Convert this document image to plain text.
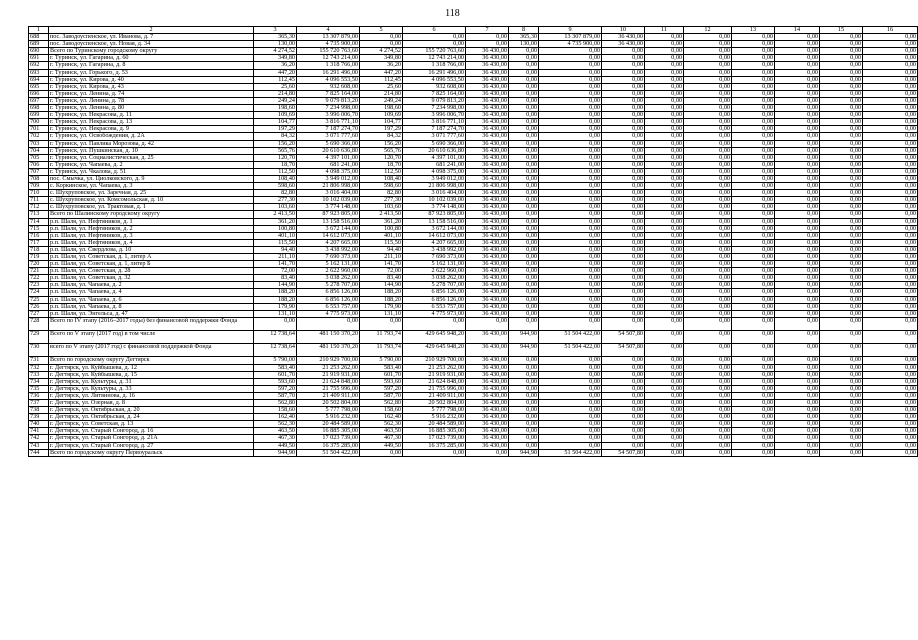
118
1	2	3	4	5	6	7	8	9	10	11	12	13	14	15	16
688	пос. Заводоуспенское, ул. Иванова, д. 7	365,30	13 307 879,00	0,00	0,00	0,00	365,30	13 307 879,00	36 430,00	0,00	0,00	0,00	0,00	0,00	0,00
689	пос. Заводоуспенское, ул. Новая, д. 34	130,00	4 735 900,00	0,00	0,00	0,00	130,00	4 735 900,00	36 430,00	0,00	0,00	0,00	0,00	0,00	0,00
690	Всего по Туринскому городскому округу	4 274,52	155 720 763,60	4 274,52	155 720 763,60	36 430,00	0,00	0,00	0,00	0,00	0,00	0,00	0,00	0,00	0,00
691	г. Туринск, ул. Гагарина, д. 60	349,80	12 743 214,00	349,80	12 743 214,00	36 430,00	0,00	0,00	0,00	0,00	0,00	0,00	0,00	0,00	0,00
692	г. Туринск, ул. Гагарина, д. 8	36,20	1 318 766,00	36,20	1 318 766,00	36 430,00	0,00	0,00	0,00	0,00	0,00	0,00	0,00	0,00	0,00
693	г. Туринск, ул. Горького, д. 53	447,20	16 291 496,00	447,20	16 291 496,00	36 430,00	0,00	0,00	0,00	0,00	0,00	0,00	0,00	0,00	0,00
694	г. Туринск, ул. Кирова, д. 40	112,45	4 096 553,50	112,45	4 096 553,50	36 430,00	0,00	0,00	0,00	0,00	0,00	0,00	0,00	0,00	0,00
695	г. Туринск, ул. Кирова, д. 43	25,60	932 608,00	25,60	932 608,00	36 430,00	0,00	0,00	0,00	0,00	0,00	0,00	0,00	0,00	0,00
696	г. Туринск, ул. Ленина, д. 74	214,80	7 825 164,00	214,80	7 825 164,00	36 430,00	0,00	0,00	0,00	0,00	0,00	0,00	0,00	0,00	0,00
697	г. Туринск, ул. Ленина, д. 78	249,24	9 079 813,20	249,24	9 079 813,20	36 430,00	0,00	0,00	0,00	0,00	0,00	0,00	0,00	0,00	0,00
698	г. Туринск, ул. Ленина, д. 80	198,60	7 234 998,00	198,60	7 234 998,00	36 430,00	0,00	0,00	0,00	0,00	0,00	0,00	0,00	0,00	0,00
699	г. Туринск, ул. Некрасова, д. 11	109,69	3 996 006,70	109,69	3 996 006,70	36 430,00	0,00	0,00	0,00	0,00	0,00	0,00	0,00	0,00	0,00
700	г. Туринск, ул. Некрасова, д. 13	104,77	3 816 771,10	104,77	3 816 771,10	36 430,00	0,00	0,00	0,00	0,00	0,00	0,00	0,00	0,00	0,00
701	г. Туринск, ул. Некрасова, д. 9	197,29	7 187 274,70	197,29	7 187 274,70	36 430,00	0,00	0,00	0,00	0,00	0,00	0,00	0,00	0,00	0,00
702	г. Туринск, ул. Освобождения, д. 2А	84,32	3 071 777,60	84,32	3 071 777,60	36 430,00	0,00	0,00	0,00	0,00	0,00	0,00	0,00	0,00	0,00
703	г. Туринск, ул. Павлика Морозова, д. 42	156,20	5 690 366,00	156,20	5 690 366,00	36 430,00	0,00	0,00	0,00	0,00	0,00	0,00	0,00	0,00	0,00
704	г. Туринск, ул. Пушкинская, д. 10	565,76	20 610 636,80	565,76	20 610 636,80	36 430,00	0,00	0,00	0,00	0,00	0,00	0,00	0,00	0,00	0,00
705	г. Туринск, ул. Социалистическая, д. 25	120,70	4 397 101,00	120,70	4 397 101,00	36 430,00	0,00	0,00	0,00	0,00	0,00	0,00	0,00	0,00	0,00
706	г. Туринск, ул. Чапаева, д. 2	18,70	681 241,00	18,70	681 241,00	36 430,00	0,00	0,00	0,00	0,00	0,00	0,00	0,00	0,00	0,00
707	г. Туринск, ул. Чкалова, д. 51	112,50	4 098 375,00	112,50	4 098 375,00	36 430,00	0,00	0,00	0,00	0,00	0,00	0,00	0,00	0,00	0,00
708	пос. Смычка, ул. Циолковского, д. 9	108,40	3 949 012,00	108,40	3 949 012,00	36 430,00	0,00	0,00	0,00	0,00	0,00	0,00	0,00	0,00	0,00
709	с. Коркинское, ул. Чапаева, д. 3	598,60	21 806 998,00	598,60	21 806 998,00	36 430,00	0,00	0,00	0,00	0,00	0,00	0,00	0,00	0,00	0,00
710	с. Шухруповское, ул. Заречная, д. 25	82,80	3 016 404,00	82,80	3 016 404,00	36 430,00	0,00	0,00	0,00	0,00	0,00	0,00	0,00	0,00	0,00
711	с. Шухруповское, ул. Комсомольская, д. 10	277,30	10 102 039,00	277,30	10 102 039,00	36 430,00	0,00	0,00	0,00	0,00	0,00	0,00	0,00	0,00	0,00
712	с. Шухруповское, ул. Трактовая, д. 1	103,60	3 774 148,00	103,60	3 774 148,00	36 430,00	0,00	0,00	0,00	0,00	0,00	0,00	0,00	0,00	0,00
713	Всего по Шалинскому городскому округу	2 413,50	87 923 805,00	2 413,50	87 923 805,00	36 430,00	0,00	0,00	0,00	0,00	0,00	0,00	0,00	0,00	0,00
714	р.п. Шаля, ул. Нефтяников, д. 1	361,20	13 158 516,00	361,20	13 158 516,00	36 430,00	0,00	0,00	0,00	0,00	0,00	0,00	0,00	0,00	0,00
715	р.п. Шаля, ул. Нефтяников, д. 2	100,80	3 672 144,00	100,80	3 672 144,00	36 430,00	0,00	0,00	0,00	0,00	0,00	0,00	0,00	0,00	0,00
716	р.п. Шаля, ул. Нефтяников, д. 3	401,10	14 612 073,00	401,10	14 612 073,00	36 430,00	0,00	0,00	0,00	0,00	0,00	0,00	0,00	0,00	0,00
717	р.п. Шаля, ул. Нефтяников, д. 4	115,50	4 207 665,00	115,50	4 207 665,00	36 430,00	0,00	0,00	0,00	0,00	0,00	0,00	0,00	0,00	0,00
718	р.п. Шаля, ул. Свердлова, д. 10	94,40	3 438 992,00	94,40	3 438 992,00	36 430,00	0,00	0,00	0,00	0,00	0,00	0,00	0,00	0,00	0,00
719	р.п. Шаля, ул. Советская, д. 1, литер А	211,10	7 690 373,00	211,10	7 690 373,00	36 430,00	0,00	0,00	0,00	0,00	0,00	0,00	0,00	0,00	0,00
720	р.п. Шаля, ул. Советская, д. 1, литер Б	141,70	5 162 131,00	141,70	5 162 131,00	36 430,00	0,00	0,00	0,00	0,00	0,00	0,00	0,00	0,00	0,00
721	р.п. Шаля, ул. Советская, д. 28	72,00	2 622 960,00	72,00	2 622 960,00	36 430,00	0,00	0,00	0,00	0,00	0,00	0,00	0,00	0,00	0,00
722	р.п. Шаля, ул. Советская, д. 32	83,40	3 038 262,00	83,40	3 038 262,00	36 430,00	0,00	0,00	0,00	0,00	0,00	0,00	0,00	0,00	0,00
723	р.п. Шаля, ул. Чапаева, д. 2	144,90	5 278 707,00	144,90	5 278 707,00	36 430,00	0,00	0,00	0,00	0,00	0,00	0,00	0,00	0,00	0,00
724	р.п. Шаля, ул. Чапаева, д. 4	188,20	6 856 126,00	188,20	6 856 126,00	36 430,00	0,00	0,00	0,00	0,00	0,00	0,00	0,00	0,00	0,00
725	р.п. Шаля, ул. Чапаева, д. 6	188,20	6 856 126,00	188,20	6 856 126,00	36 430,00	0,00	0,00	0,00	0,00	0,00	0,00	0,00	0,00	0,00
726	р.п. Шаля, ул. Чапаева, д. 8	179,90	6 553 757,00	179,90	6 553 757,00	36 430,00	0,00	0,00	0,00	0,00	0,00	0,00	0,00	0,00	0,00
727	р.п. Шаля, ул. Энгельса, д. 47	131,10	4 775 973,00	131,10	4 775 973,00	36 430,00	0,00	0,00	0,00	0,00	0,00	0,00	0,00	0,00	0,00
728	Всего по IV этапу (2016–2017 годы) без финансовой поддержки Фонда	0,00	0,00	0,00	0,00	0,00	0,00	0,00	0,00	0,00	0,00	0,00	0,00	0,00	0,00
729	Всего по V этапу (2017 год) в том числе	12 738,64	481 150 370,20	11 793,74	429 645 948,20	36 430,00	944,90	51 504 422,00	54 507,80	0,00	0,00	0,00	0,00	0,00	0,00
730	всего по V этапу (2017 год) с финансовой поддержкой Фонда	12 738,64	481 150 370,20	11 793,74	429 645 948,20	36 430,00	944,90	51 504 422,00	54 507,80	0,00	0,00	0,00	0,00	0,00	0,00
731	Всего по городскому округу Дегтярск	5 790,00	210 929 700,00	5 790,00	210 929 700,00	36 430,00	0,00	0,00	0,00	0,00	0,00	0,00	0,00	0,00	0,00
732	г. Дегтярск, ул. Куйбышева, д. 12	583,40	21 253 262,00	583,40	21 253 262,00	36 430,00	0,00	0,00	0,00	0,00	0,00	0,00	0,00	0,00	0,00
733	г. Дегтярск, ул. Куйбышева, д. 15	601,70	21 919 931,00	601,70	21 919 931,00	36 430,00	0,00	0,00	0,00	0,00	0,00	0,00	0,00	0,00	0,00
734	г. Дегтярск, ул. Культуры, д. 31	593,60	21 624 848,00	593,60	21 624 848,00	36 430,00	0,00	0,00	0,00	0,00	0,00	0,00	0,00	0,00	0,00
735	г. Дегтярск, ул. Культуры, д. 33	597,20	21 755 996,00	597,20	21 755 996,00	36 430,00	0,00	0,00	0,00	0,00	0,00	0,00	0,00	0,00	0,00
736	г. Дегтярск, ул. Литвинова, д. 16	587,70	21 409 911,00	587,70	21 409 911,00	36 430,00	0,00	0,00	0,00	0,00	0,00	0,00	0,00	0,00	0,00
737	г. Дегтярск, ул. Озерная, д. 8	562,80	20 502 804,00	562,80	20 502 804,00	36 430,00	0,00	0,00	0,00	0,00	0,00	0,00	0,00	0,00	0,00
738	г. Дегтярск, ул. Октябрьская, д. 20	158,60	5 777 798,00	158,60	5 777 798,00	36 430,00	0,00	0,00	0,00	0,00	0,00	0,00	0,00	0,00	0,00
739	г. Дегтярск, ул. Октябрьская, д. 24	162,40	5 916 232,00	162,40	5 916 232,00	36 430,00	0,00	0,00	0,00	0,00	0,00	0,00	0,00	0,00	0,00
740	г. Дегтярск, ул. Советская, д. 13	562,30	20 484 589,00	562,30	20 484 589,00	36 430,00	0,00	0,00	0,00	0,00	0,00	0,00	0,00	0,00	0,00
741	г. Дегтярск, ул. Старый Сонгород, д. 16	463,50	16 885 305,00	463,50	16 885 305,00	36 430,00	0,00	0,00	0,00	0,00	0,00	0,00	0,00	0,00	0,00
742	г. Дегтярск, ул. Старый Сонгород, д. 21А	467,30	17 023 739,00	467,30	17 023 739,00	36 430,00	0,00	0,00	0,00	0,00	0,00	0,00	0,00	0,00	0,00
743	г. Дегтярск, ул. Старый Сонгород, д. 27	449,50	16 375 285,00	449,50	16 375 285,00	36 430,00	0,00	0,00	0,00	0,00	0,00	0,00	0,00	0,00	0,00
744	Всего по городскому округу Первоуральск	944,90	51 504 422,00	0,00	0,00	0,00	944,90	51 504 422,00	54 507,80	0,00	0,00	0,00	0,00	0,00	0,00
